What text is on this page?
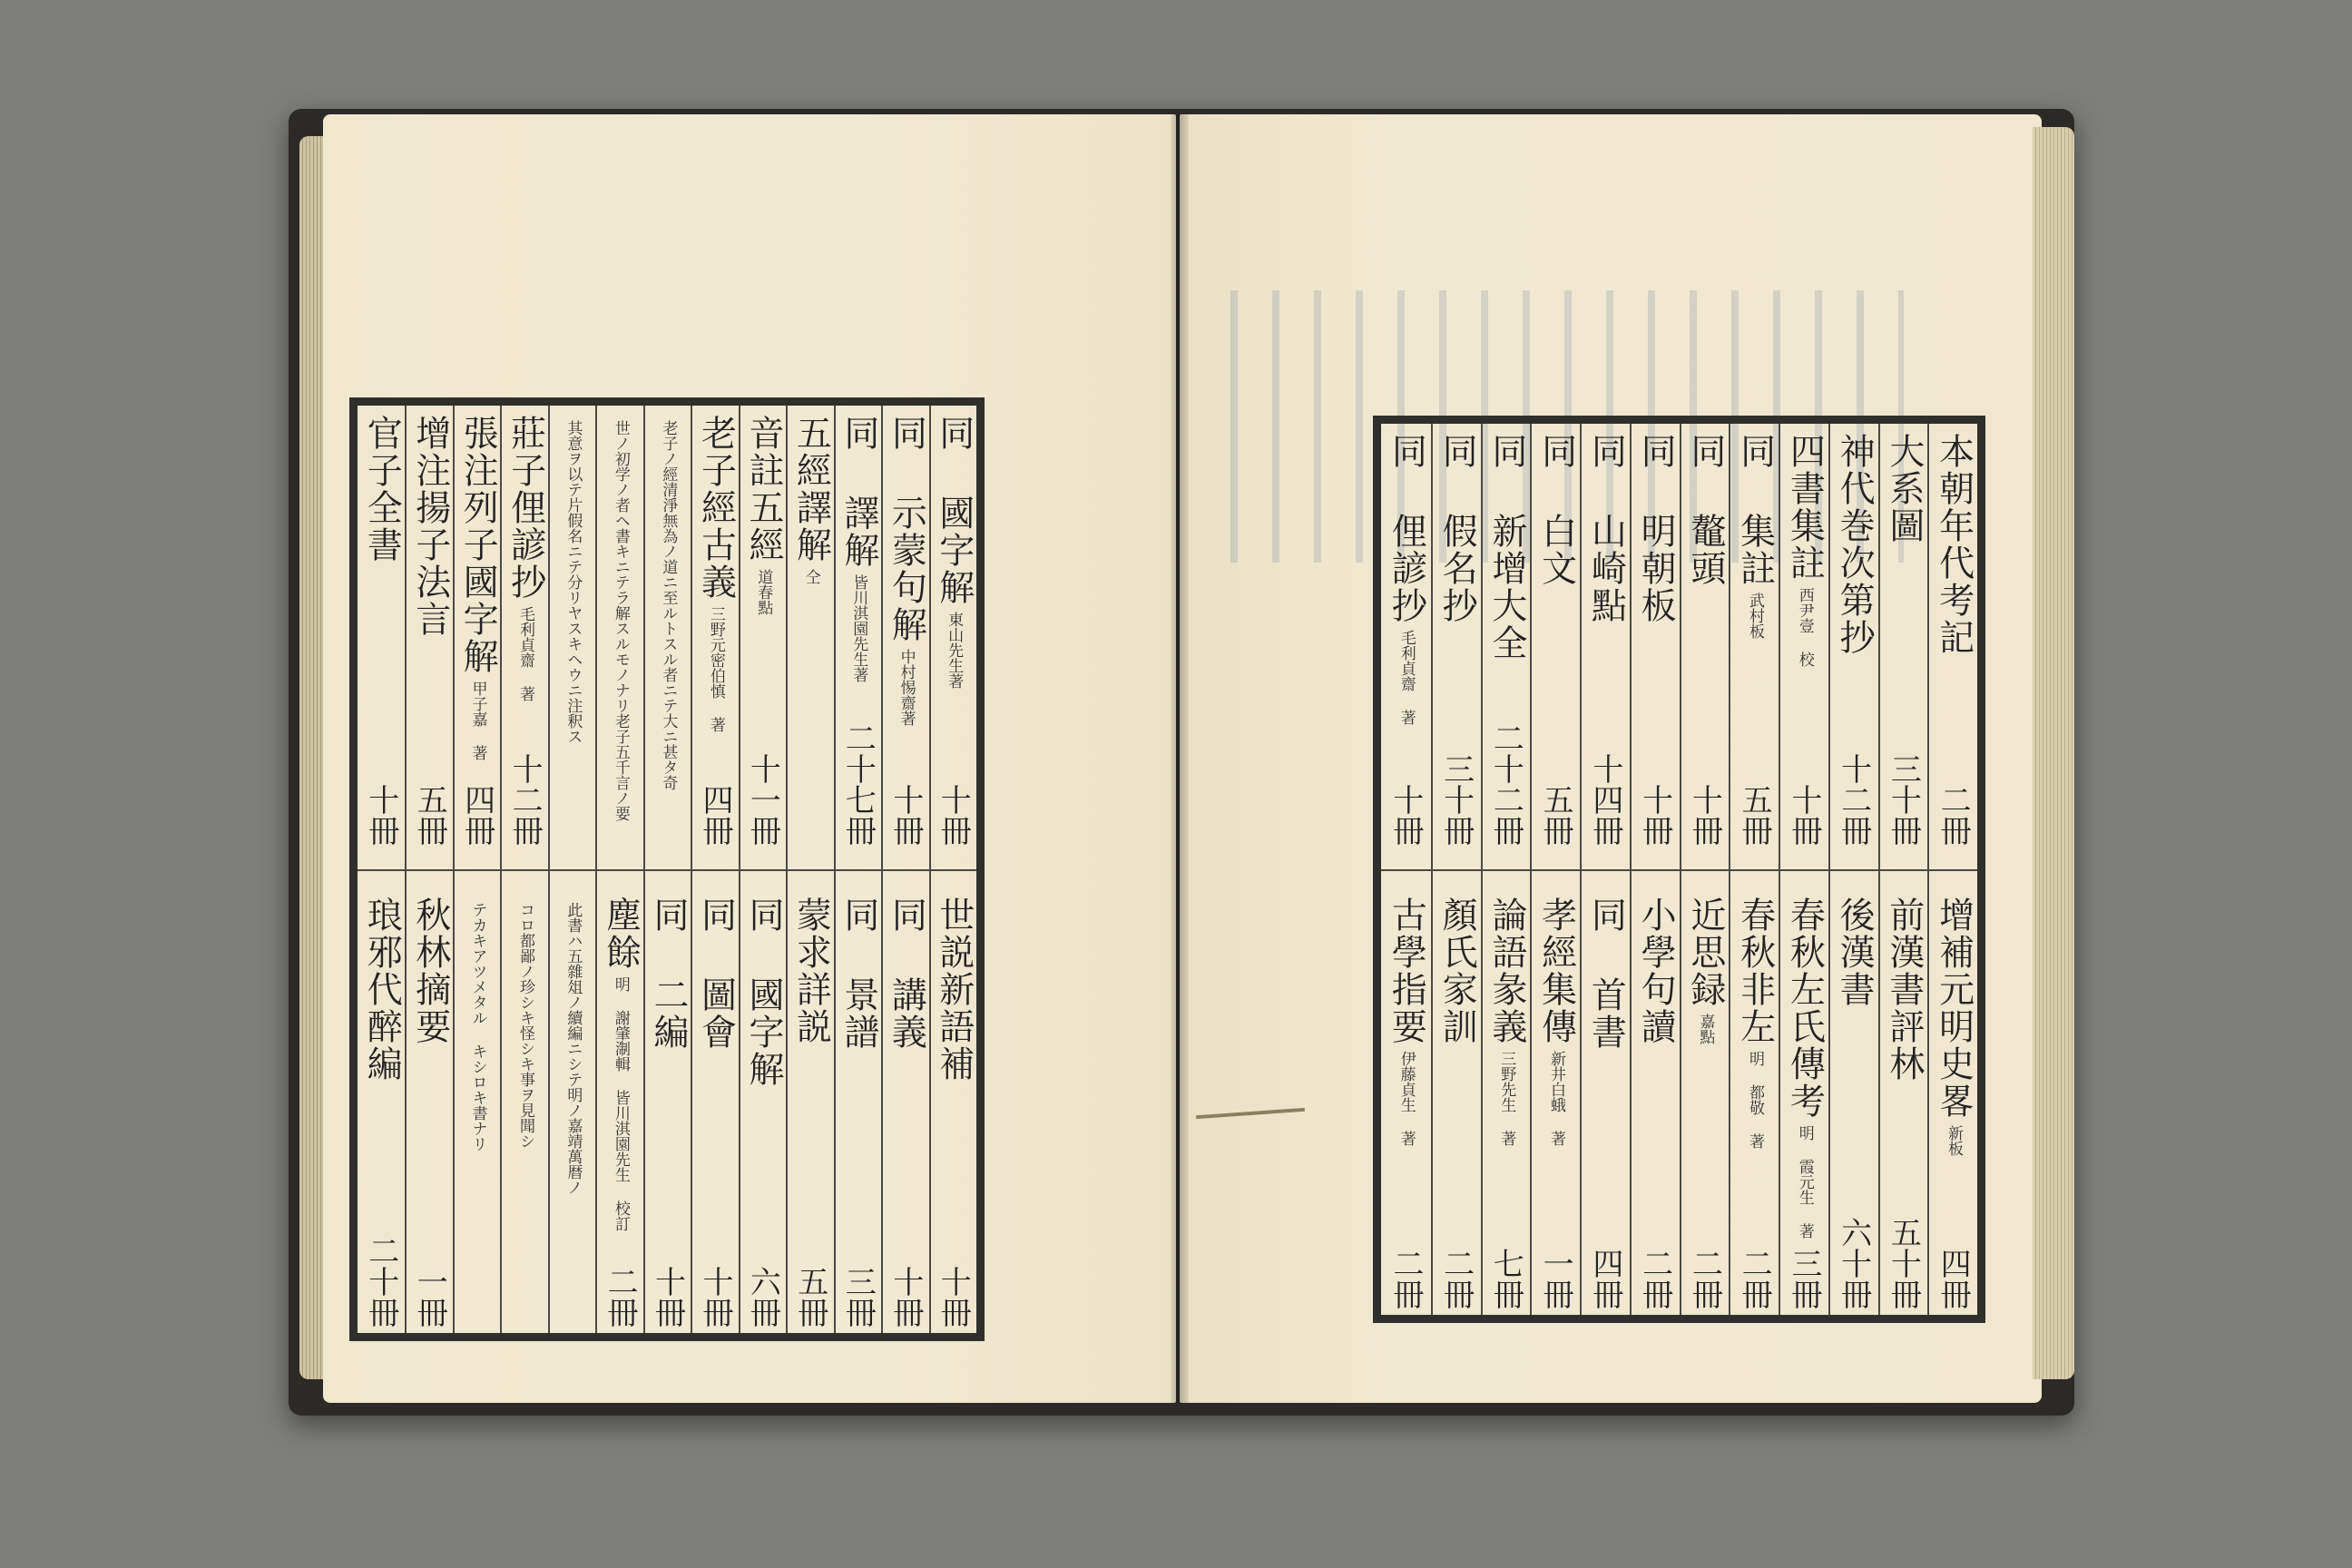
同 國字解
東山先生著
十冊
世説新語補
十冊
同 示蒙句解
中村惕齋著
十冊
同 講義
十冊
同 譯解
皆川淇園先生著
二十七冊
同 景譜
三冊
五經譯解
仝
蒙求詳説
五冊
音註五經
道春點
十一冊
同 國字解
六冊
老子經古義
三野元密伯慎 著
四冊
同 圖會
十冊
老子ノ經清淨無為ノ道ニ至ルトスル者ニテ大ニ甚タ奇
同 二編
十冊
世ノ初学ノ者ヘ書キニテラ解スルモノナリ老子五千言ノ要
塵餘
明 謝肇淛輯 皆川淇園先生 校訂
二冊
其意ヲ以テ片假名ニテ分リヤスキヘウニ注釈ス
此書ハ五雜俎ノ續編ニシテ明ノ嘉靖萬暦ノ
莊子俚諺抄
毛利貞齋 著
十二冊
コロ都鄙ノ珍シキ怪シキ事ヲ見聞シ
張注列子國字解
甲子嘉 著
四冊
テカキアツメタル キシロキ書ナリ
增注揚子法言
五冊
秋林摘要
一冊
官子全書
十冊
琅邪代醉編
二十冊
本朝年代考記
二冊
增補元明史畧
新板
四冊
大系圖
三十冊
前漢書評林
五十冊
神代巻次第抄
十二冊
後漢書
六十冊
四書集註
西尹壹 校
十冊
春秋左氏傳考
明 霞元生 著
三冊
同 集註
武村板
五冊
春秋非左
明 都敬 著
二冊
同 鼇頭
十冊
近思録
嘉點
二冊
同 明朝板
十冊
小學句讀
二冊
同 山崎點
十四冊
同 首書
四冊
同 白文
五冊
孝經集傳
新井白蛾 著
一冊
同 新增大全
二十二冊
論語彖義
三野先生 著
七冊
同 假名抄
三十冊
顏氏家訓
二冊
同 俚諺抄
毛利貞齋 著
十冊
古學指要
伊藤貞生 著
二冊
